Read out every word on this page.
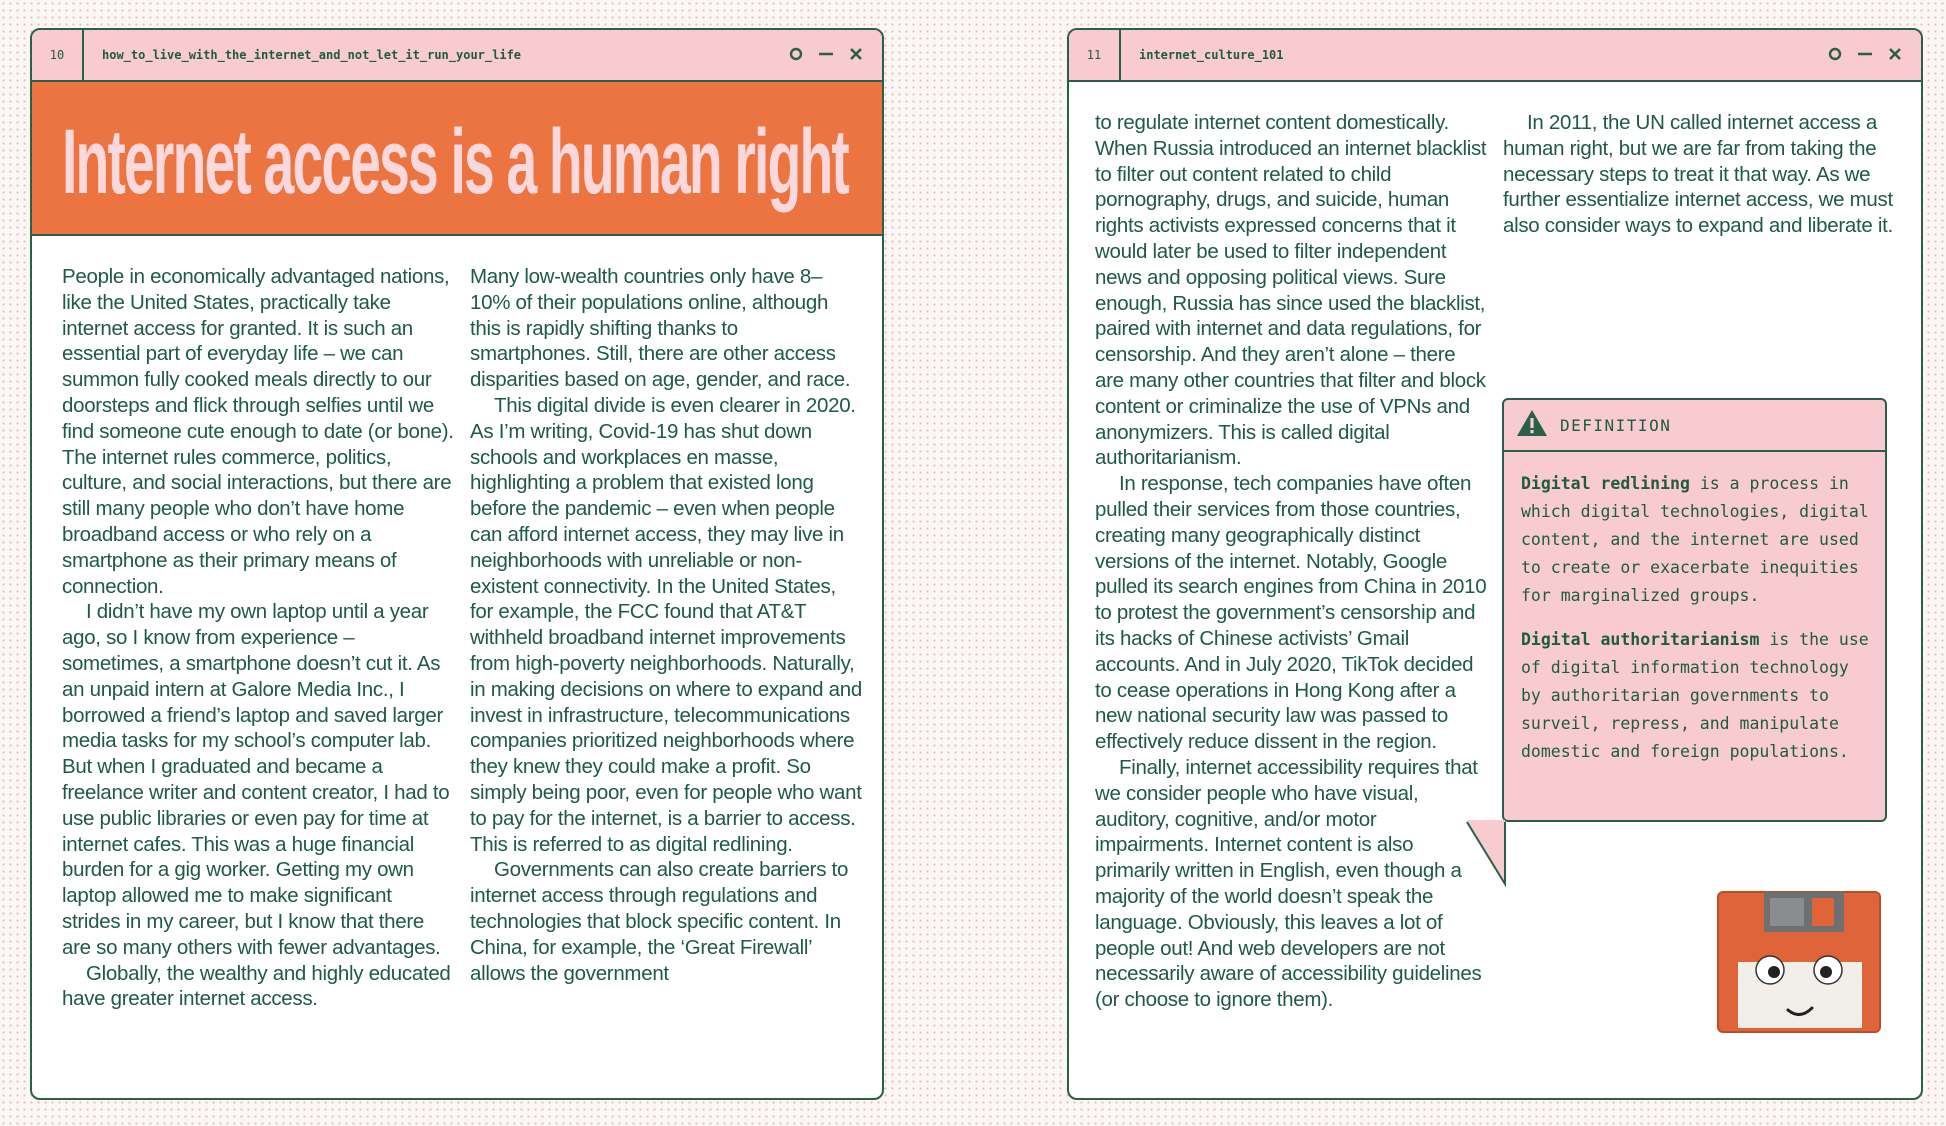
10	how_to_live_with_the_internet_and_not_let_it_run_your_life
Internet access is a human right

People in economically advantaged nations, like the United States, practically take internet access for granted. It is such an essential part of everyday life – we can summon fully cooked meals directly to our doorsteps and flick through selfies until we find someone cute enough to date (or bone). The internet rules commerce, politics, culture, and social interactions, but there are still many people who don’t have home broadband access or who rely on a smartphone as their primary means of connection.

I didn’t have my own laptop until a year ago, so I know from experience – sometimes, a smartphone doesn’t cut it. As an unpaid intern at Galore Media Inc., I borrowed a friend’s laptop and saved larger media tasks for my school’s computer lab. But when I graduated and became a freelance writer and content creator, I had to use public libraries or even pay for time at internet cafes. This was a huge financial burden for a gig worker. Getting my own laptop allowed me to make significant strides in my career, but I know that there are so many others with fewer advantages.

Globally, the wealthy and highly educated have greater internet access.

Many low-wealth countries only have 8–10% of their populations online, although this is rapidly shifting thanks to smartphones. Still, there are other access disparities based on age, gender, and race.

This digital divide is even clearer in 2020. As I’m writing, Covid-19 has shut down schools and workplaces en masse, highlighting a problem that existed long before the pandemic – even when people can afford internet access, they may live in neighborhoods with unreliable or non-existent connectivity. In the United States, for example, the FCC found that AT&T withheld broadband internet improvements from high-poverty neighborhoods. Naturally, in making decisions on where to expand and invest in infrastructure, telecommunications companies prioritized neighborhoods where they knew they could make a profit. So simply being poor, even for people who want to pay for the internet, is a barrier to access. This is referred to as digital redlining.

Governments can also create barriers to internet access through regulations and technologies that block specific content. In China, for example, the ‘Great Firewall’ allows the government

11	internet_culture_101

to regulate internet content domestically. When Russia introduced an internet blacklist to filter out content related to child pornography, drugs, and suicide, human rights activists expressed concerns that it would later be used to filter independent news and opposing political views. Sure enough, Russia has since used the blacklist, paired with internet and data regulations, for censorship. And they aren’t alone – there are many other countries that filter and block content or criminalize the use of VPNs and anonymizers. This is called digital authoritarianism.

In response, tech companies have often pulled their services from those countries, creating many geographically distinct versions of the internet. Notably, Google pulled its search engines from China in 2010 to protest the government’s censorship and its hacks of Chinese activists’ Gmail accounts. And in July 2020, TikTok decided to cease operations in Hong Kong after a new national security law was passed to effectively reduce dissent in the region.

Finally, internet accessibility requires that we consider people who have visual, auditory, cognitive, and/or motor impairments. Internet content is also primarily written in English, even though a majority of the world doesn’t speak the language. Obviously, this leaves a lot of people out! And web developers are not necessarily aware of accessibility guidelines (or choose to ignore them).

In 2011, the UN called internet access a human right, but we are far from taking the necessary steps to treat it that way. As we further essentialize internet access, we must also consider ways to expand and liberate it.

DEFINITION

Digital redlining is a process in which digital technologies, digital content, and the internet are used to create or exacerbate inequities for marginalized groups.

Digital authoritarianism is the use of digital information technology by authoritarian governments to surveil, repress, and manipulate domestic and foreign populations.
